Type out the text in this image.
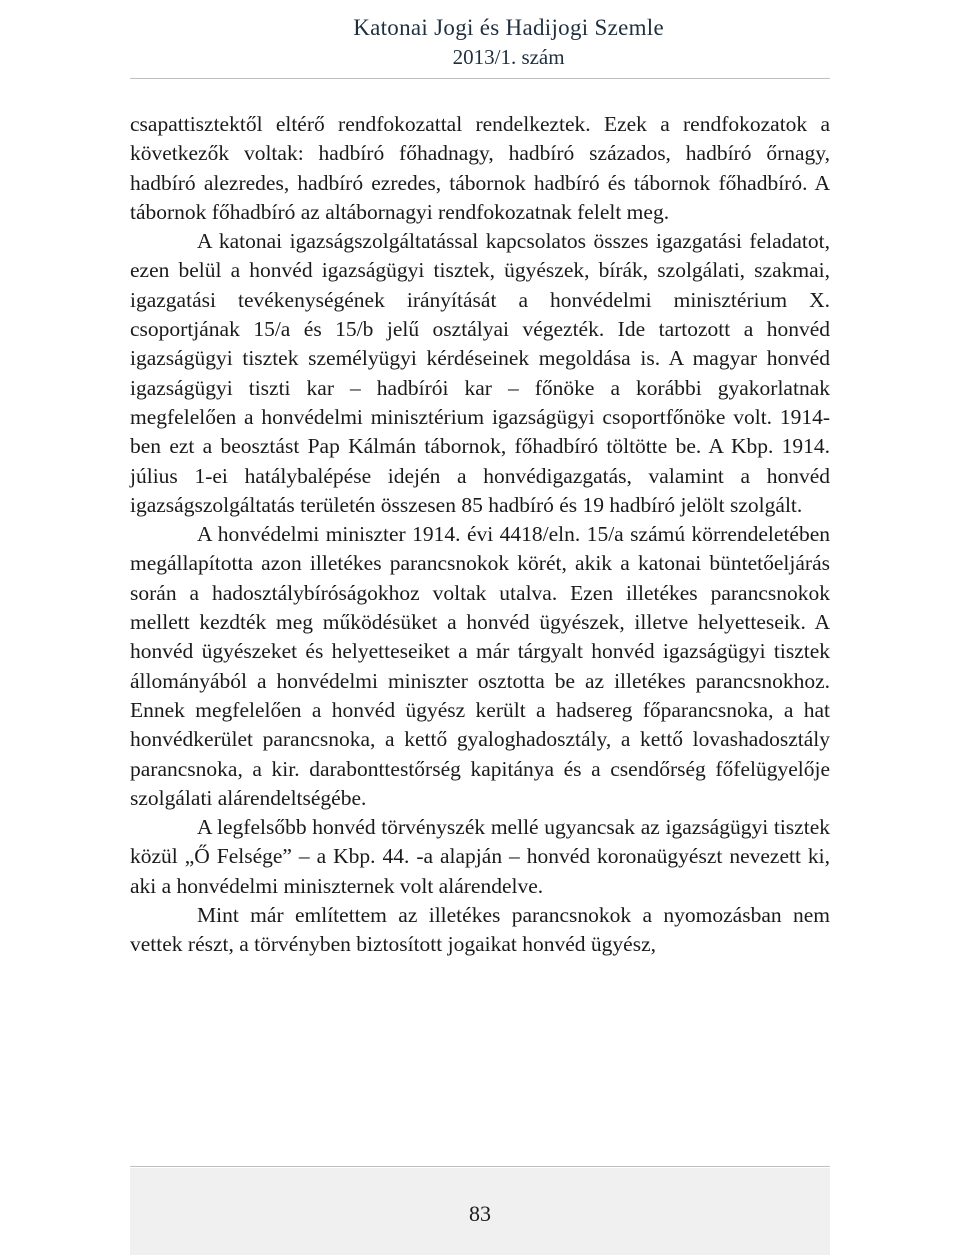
Katonai Jogi és Hadijogi Szemle
2013/1. szám

csapattisztektől eltérő rendfokozattal rendelkeztek. Ezek a rendfokozatok a következők voltak: hadbíró főhadnagy, hadbíró százados, hadbíró őrnagy, hadbíró alezredes, hadbíró ezredes, tábornok hadbíró és tábornok főhadbíró. A tábornok főhadbíró az altábornagyi rendfokozatnak felelt meg.

A katonai igazságszolgáltatással kapcsolatos összes igazgatási feladatot, ezen belül a honvéd igazságügyi tisztek, ügyészek, bírák, szolgálati, szakmai, igazgatási tevékenységének irányítását a honvédelmi minisztérium X. csoportjának 15/a és 15/b jelű osztályai végezték. Ide tartozott a honvéd igazságügyi tisztek személyügyi kérdéseinek megoldása is. A magyar honvéd igazságügyi tiszti kar – hadbírói kar – főnöke a korábbi gyakorlatnak megfelelően a honvédelmi minisztérium igazságügyi csoportfőnöke volt. 1914-ben ezt a beosztást Pap Kálmán tábornok, főhadbíró töltötte be. A Kbp. 1914. július 1-ei hatálybalépése idején a honvédigazgatás, valamint a honvéd igazságszolgáltatás területén összesen 85 hadbíró és 19 hadbíró jelölt szolgált.

A honvédelmi miniszter 1914. évi 4418/eln. 15/a számú körrendeletében megállapította azon illetékes parancsnokok körét, akik a katonai büntetőeljárás során a hadosztálybíróságokhoz voltak utalva. Ezen illetékes parancsnokok mellett kezdték meg működésüket a honvéd ügyészek, illetve helyetteseik. A honvéd ügyészeket és helyetteseiket a már tárgyalt honvéd igazságügyi tisztek állományából a honvédelmi miniszter osztotta be az illetékes parancsnokhoz. Ennek megfelelően a honvéd ügyész került a hadsereg főparancsnoka, a hat honvédkerület parancsnoka, a kettő gyaloghadosztály, a kettő lovashadosztály parancsnoka, a kir. darabonttestőrség kapitánya és a csendőrség főfelügyelője szolgálati alárendeltségébe.

A legfelsőbb honvéd törvényszék mellé ugyancsak az igazságügyi tisztek közül „Ő Felsége” – a Kbp. 44. -a alapján – honvéd koronaügyészt nevezett ki, aki a honvédelmi miniszternek volt alárendelve.

Mint már említettem az illetékes parancsnokok a nyomozásban nem vettek részt, a törvényben biztosított jogaikat honvéd ügyész,

83
